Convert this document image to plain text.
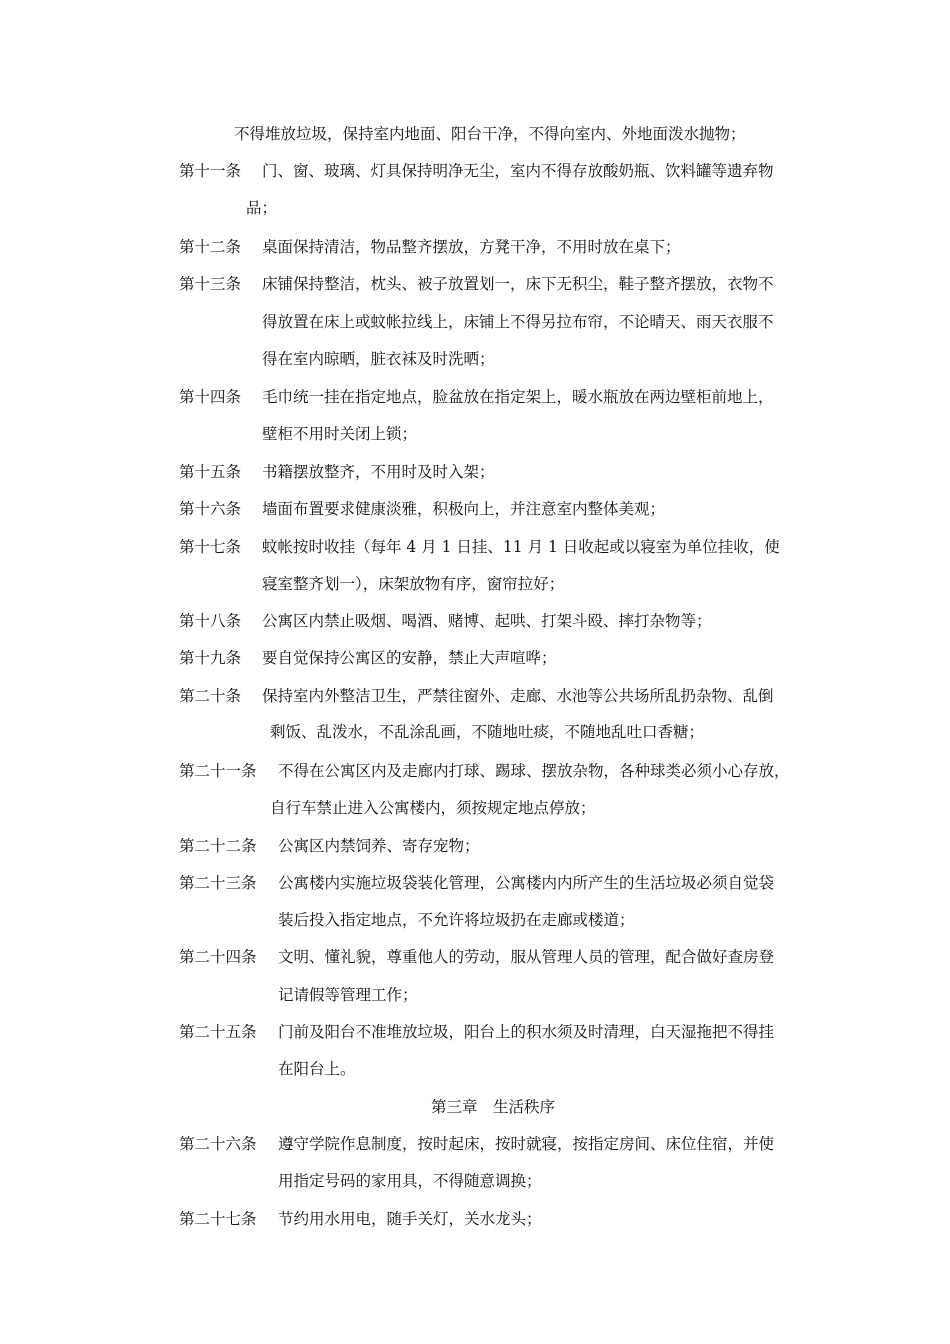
不得堆放垃圾，保持室内地面、阳台干净，不得向室内、外地面泼水抛物；
第十一条 门、窗、玻璃、灯具保持明净无尘，室内不得存放酸奶瓶、饮料罐等遗弃物
品；
第十二条 桌面保持清洁，物品整齐摆放，方凳干净，不用时放在桌下；
第十三条 床铺保持整洁，枕头、被子放置划一，床下无积尘，鞋子整齐摆放，衣物不
得放置在床上或蚊帐拉线上，床铺上不得另拉布帘，不论晴天、雨天衣服不
得在室内晾晒，脏衣袜及时洗晒；
第十四条 毛巾统一挂在指定地点，脸盆放在指定架上，暖水瓶放在两边壁柜前地上，
壁柜不用时关闭上锁；
第十五条 书籍摆放整齐，不用时及时入架；
第十六条 墙面布置要求健康淡雅，积极向上，并注意室内整体美观；
第十七条 蚊帐按时收挂（每年 4 月 1 日挂、11 月 1 日收起或以寝室为单位挂收，使
寝室整齐划一），床架放物有序，窗帘拉好；
第十八条 公寓区内禁止吸烟、喝酒、赌博、起哄、打架斗殴、摔打杂物等；
第十九条 要自觉保持公寓区的安静，禁止大声喧哗；
第二十条 保持室内外整洁卫生，严禁往窗外、走廊、水池等公共场所乱扔杂物、乱倒
剩饭、乱泼水，不乱涂乱画，不随地吐痰，不随地乱吐口香糖；
第二十一条 不得在公寓区内及走廊内打球、踢球、摆放杂物，各种球类必须小心存放，
自行车禁止进入公寓楼内，须按规定地点停放；
第二十二条 公寓区内禁饲养、寄存宠物；
第二十三条 公寓楼内实施垃圾袋装化管理，公寓楼内内所产生的生活垃圾必须自觉袋
装后投入指定地点，不允许将垃圾扔在走廊或楼道；
第二十四条 文明、懂礼貌，尊重他人的劳动，服从管理人员的管理，配合做好查房登
记请假等管理工作；
第二十五条 门前及阳台不准堆放垃圾，阳台上的积水须及时清理，白天湿拖把不得挂
在阳台上。
第三章　生活秩序
第二十六条 遵守学院作息制度，按时起床，按时就寝，按指定房间、床位住宿，并使
用指定号码的家用具，不得随意调换；
第二十七条 节约用水用电，随手关灯，关水龙头；
